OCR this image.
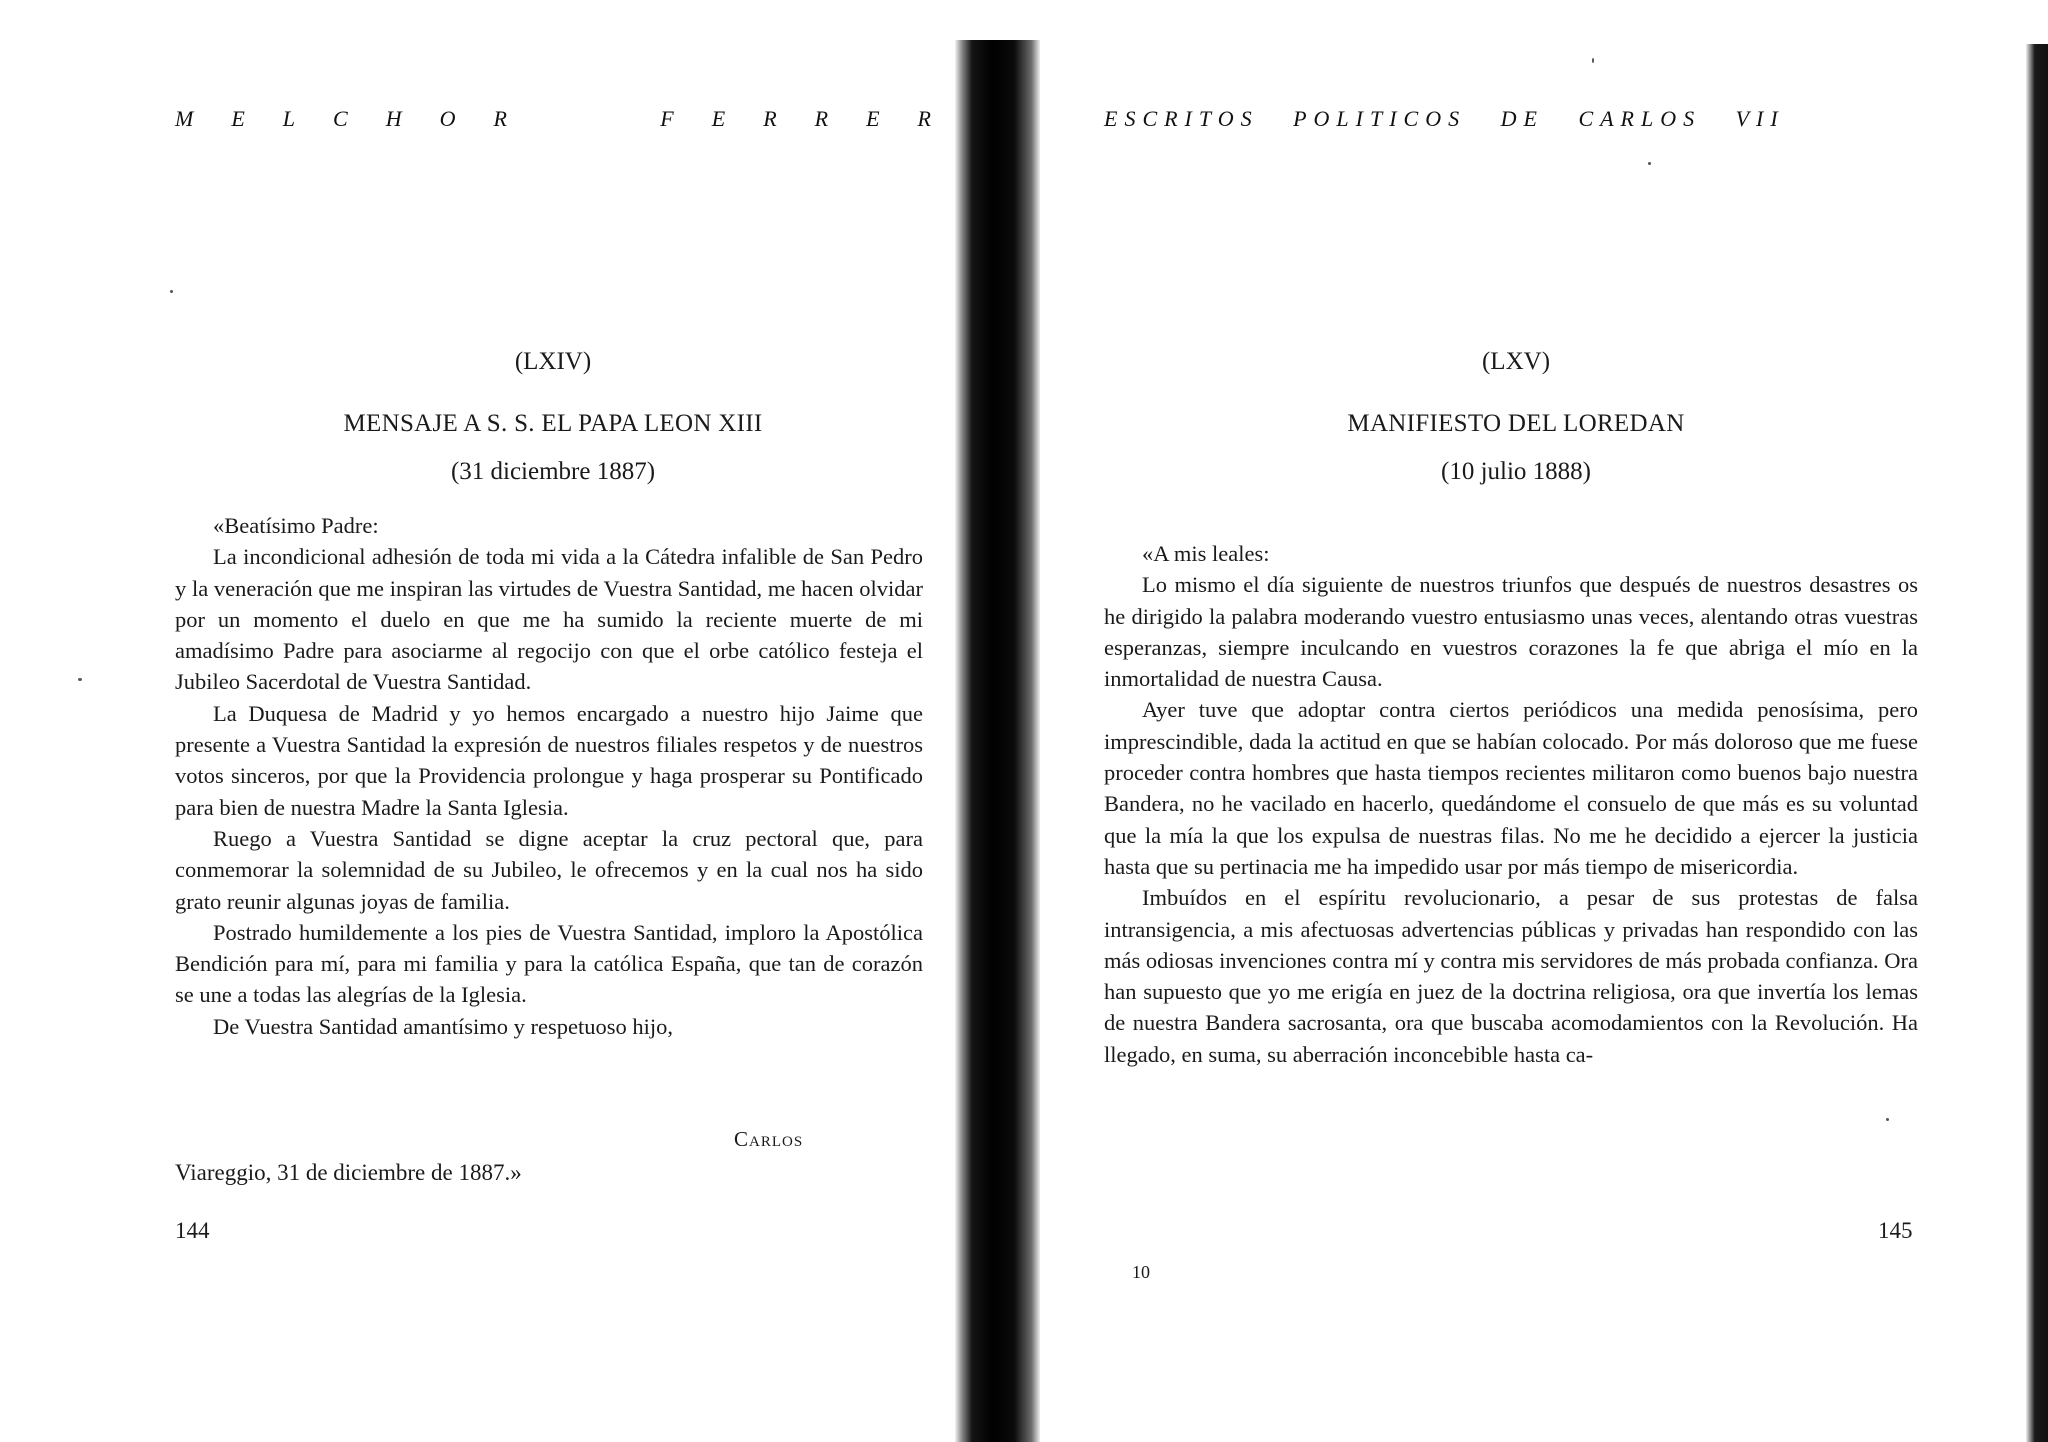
M E L C H O R	F E R R E R
(LXIV)
MENSAJE A S. S. EL PAPA LEON XIII
(31 diciembre 1887)

«Beatísimo Padre:

La incondicional adhesión de toda mi vida a la Cátedra infalible de San Pedro y la veneración que me inspiran las virtudes de Vuestra Santidad, me hacen olvidar por un momento el duelo en que me ha sumido la reciente muerte de mi amadísimo Padre para asociarme al regocijo con que el orbe católico festeja el Jubileo Sacerdotal de Vuestra Santidad.

La Duquesa de Madrid y yo hemos encargado a nuestro hijo Jaime que presente a Vuestra Santidad la expresión de nuestros filiales respetos y de nuestros votos sinceros, por que la Providencia prolongue y haga prosperar su Pontificado para bien de nuestra Madre la Santa Iglesia.

Ruego a Vuestra Santidad se digne aceptar la cruz pectoral que, para conmemorar la solemnidad de su Jubileo, le ofrecemos y en la cual nos ha sido grato reunir algunas joyas de familia.

Postrado humildemente a los pies de Vuestra Santidad, imploro la Apostólica Bendición para mí, para mi familia y para la católica España, que tan de corazón se une a todas las alegrías de la Iglesia.

De Vuestra Santidad amantísimo y respetuoso hijo,

Carlos
Viareggio, 31 de diciembre de 1887.»
144
ESCRITOS POLITICOS DE CARLOS VII
(LXV)
MANIFIESTO DEL LOREDAN
(10 julio 1888)

«A mis leales:

Lo mismo el día siguiente de nuestros triunfos que después de nuestros desastres os he dirigido la palabra moderando vuestro entusiasmo unas veces, alentando otras vuestras esperanzas, siempre inculcando en vuestros corazones la fe que abriga el mío en la inmortalidad de nuestra Causa.

Ayer tuve que adoptar contra ciertos periódicos una medida penosísima, pero imprescindible, dada la actitud en que se habían colocado. Por más doloroso que me fuese proceder contra hombres que hasta tiempos recientes militaron como buenos bajo nuestra Bandera, no he vacilado en hacerlo, quedándome el consuelo de que más es su voluntad que la mía la que los expulsa de nuestras filas. No me he decidido a ejercer la justicia hasta que su pertinacia me ha impedido usar por más tiempo de misericordia.

Imbuídos en el espíritu revolucionario, a pesar de sus protestas de falsa intransigencia, a mis afectuosas advertencias públicas y privadas han respondido con las más odiosas invenciones contra mí y contra mis servidores de más probada confianza. Ora han supuesto que yo me erigía en juez de la doctrina religiosa, ora que invertía los lemas de nuestra Bandera sacrosanta, ora que buscaba acomodamientos con la Revolución. Ha llegado, en suma, su aberración inconcebible hasta ca-

145
10
